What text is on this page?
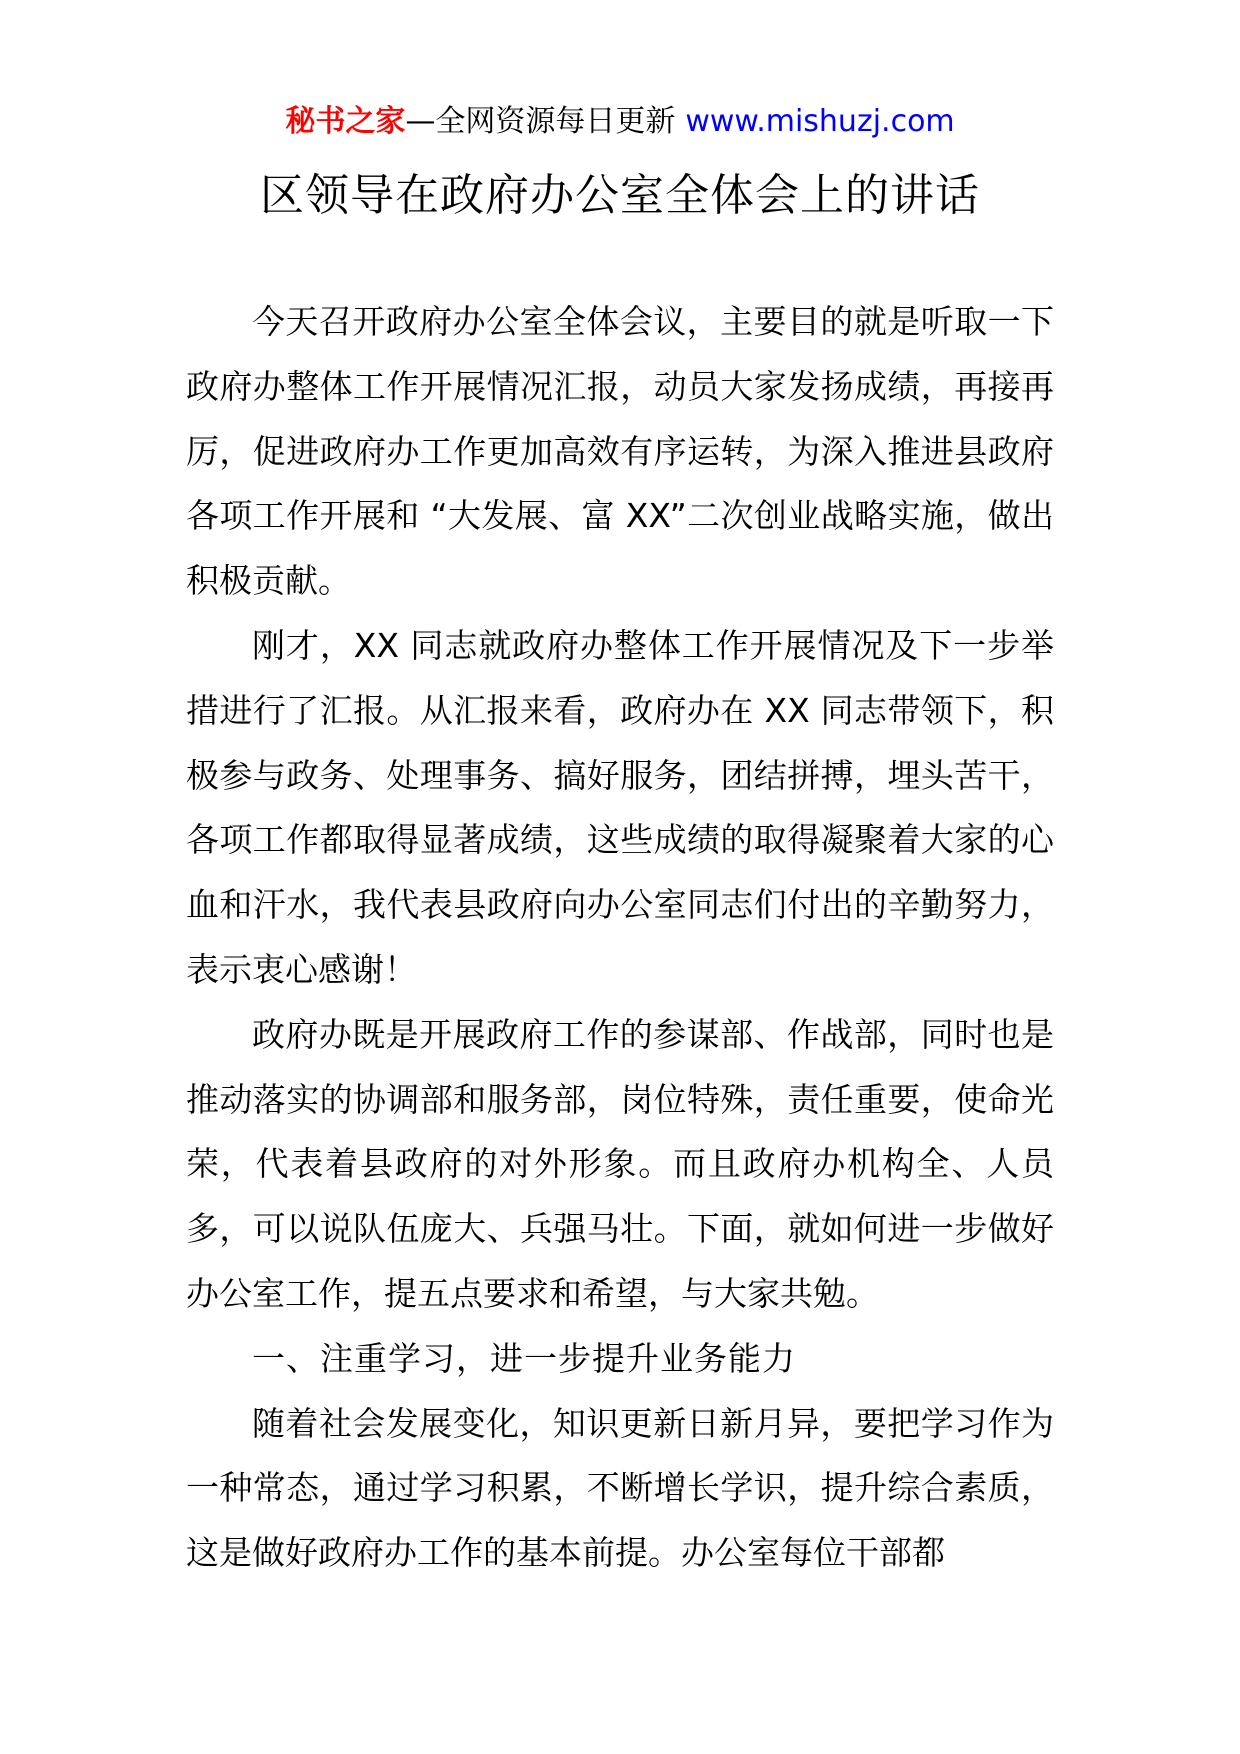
秘书之家—全网资源每日更新 www.mishuzj.com
区领导在政府办公室全体会上的讲话

今天召开政府办公室全体会议，主要目的就是听取一下政府办整体工作开展情况汇报，动员大家发扬成绩，再接再厉，促进政府办工作更加高效有序运转，为深入推进县政府各项工作开展和 “大发展、富 XX”二次创业战略实施，做出积极贡献。

刚才，XX 同志就政府办整体工作开展情况及下一步举措进行了汇报。从汇报来看，政府办在 XX 同志带领下，积极参与政务、处理事务、搞好服务，团结拼搏，埋头苦干，各项工作都取得显著成绩，这些成绩的取得凝聚着大家的心血和汗水，我代表县政府向办公室同志们付出的辛勤努力，表示衷心感谢！

政府办既是开展政府工作的参谋部、作战部，同时也是推动落实的协调部和服务部，岗位特殊，责任重要，使命光荣，代表着县政府的对外形象。而且政府办机构全、人员多，可以说队伍庞大、兵强马壮。下面，就如何进一步做好办公室工作，提五点要求和希望，与大家共勉。

一、注重学习，进一步提升业务能力

随着社会发展变化，知识更新日新月异，要把学习作为一种常态，通过学习积累，不断增长学识，提升综合素质，这是做好政府办工作的基本前提。办公室每位干部都
